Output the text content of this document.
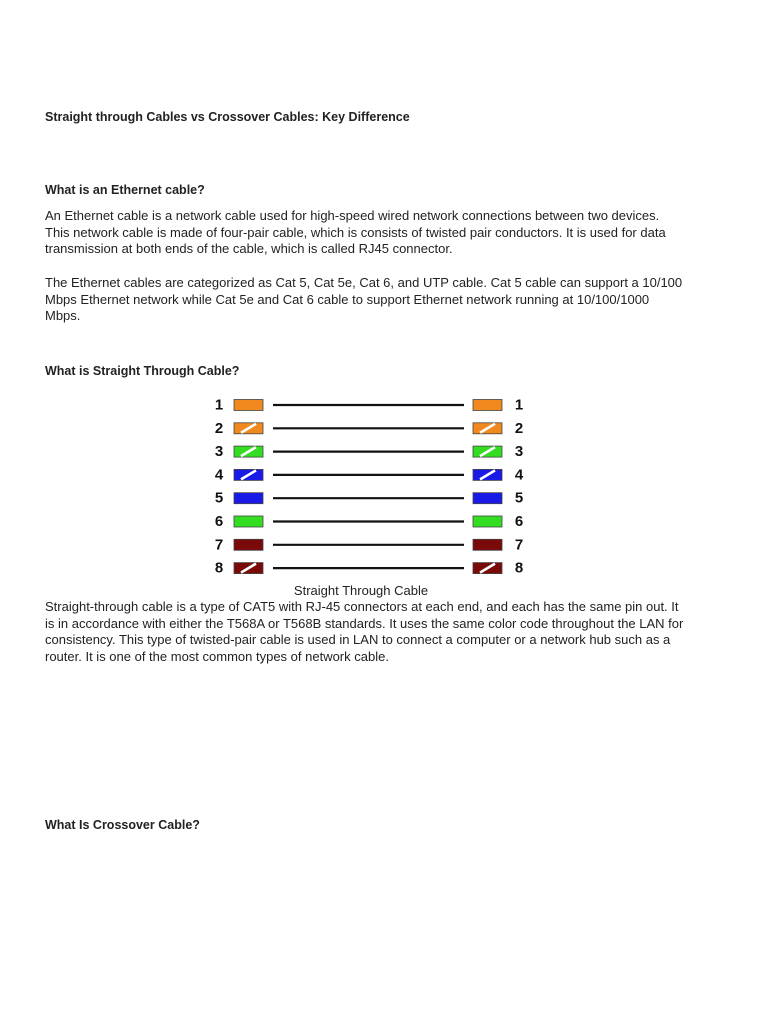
Straight through Cables vs Crossover Cables: Key Difference
What is an Ethernet cable?

An Ethernet cable is a network cable used for high-speed wired network connections between two devices. This network cable is made of four-pair cable, which is consists of twisted pair conductors. It is used for data transmission at both ends of the cable, which is called RJ45 connector.

The Ethernet cables are categorized as Cat 5, Cat 5e, Cat 6, and UTP cable. Cat 5 cable can support a 10/100 Mbps Ethernet network while Cat 5e and Cat 6 cable to support Ethernet network running at 10/100/1000 Mbps.

What is Straight Through Cable?
1	1
2	2
3	3
4	4
5	5
6	6
7	7
8	8

Straight Through Cable

Straight-through cable is a type of CAT5 with RJ-45 connectors at each end, and each has the same pin out. It is in accordance with either the T568A or T568B standards. It uses the same color code throughout the LAN for consistency. This type of twisted-pair cable is used in LAN to connect a computer or a network hub such as a router. It is one of the most common types of network cable.

What Is Crossover Cable?
